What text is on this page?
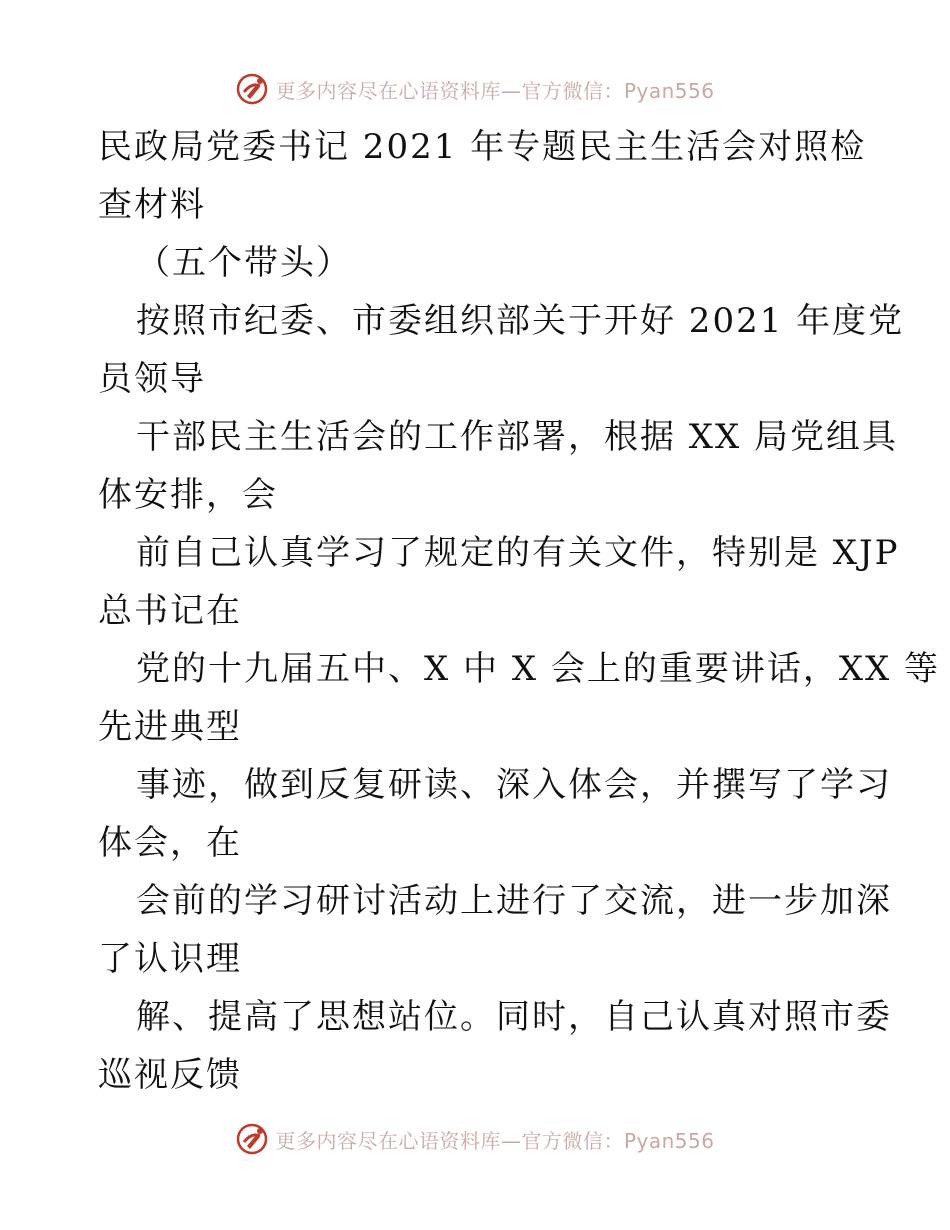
更多内容尽在心语资料库—官方微信：Pyan556
民政局党委书记 2021 年专题民主生活会对照检
查材料
（五个带头）
按照市纪委、市委组织部关于开好 2021 年度党
员领导
干部民主生活会的工作部署，根据 XX 局党组具
体安排，会
前自己认真学习了规定的有关文件，特别是 XJP
总书记在
党的十九届五中、X 中 X 会上的重要讲话，XX 等
先进典型
事迹，做到反复研读、深入体会，并撰写了学习
体会，在
会前的学习研讨活动上进行了交流，进一步加深
了认识理
解、提高了思想站位。同时，自己认真对照市委
巡视反馈
更多内容尽在心语资料库—官方微信：Pyan556
